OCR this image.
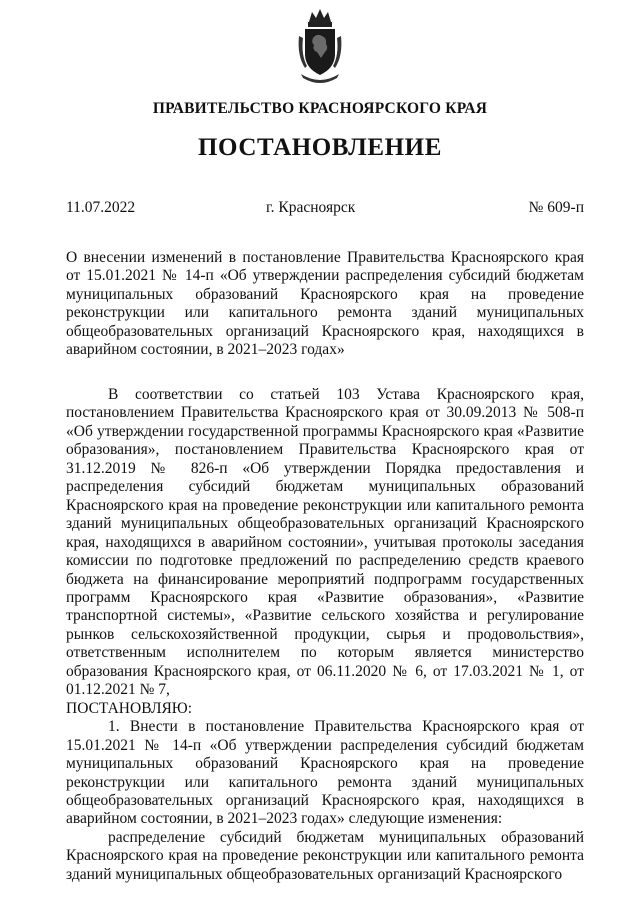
ПРАВИТЕЛЬСТВО КРАСНОЯРСКОГО КРАЯ
ПОСТАНОВЛЕНИЕ
11.07.2022	г. Красноярск	№ 609-п
О внесении изменений в постановление Правительства Красноярского края от 15.01.2021 № 14-п «Об утверждении распределения субсидий бюджетам муниципальных образований Красноярского края на проведение реконструкции или капитального ремонта зданий муниципальных общеобразовательных организаций Красноярского края, находящихся в аварийном состоянии, в 2021–2023 годах»

В соответствии со статьей 103 Устава Красноярского края, постановлением Правительства Красноярского края от 30.09.2013 № 508-п «Об утверждении государственной программы Красноярского края «Развитие образования», постановлением Правительства Красноярского края от 31.12.2019 № 826-п «Об утверждении Порядка предоставления и распределения субсидий бюджетам муниципальных образований Красноярского края на проведение реконструкции или капитального ремонта зданий муниципальных общеобразовательных организаций Красноярского края, находящихся в аварийном состоянии», учитывая протоколы заседания комиссии по подготовке предложений по распределению средств краевого бюджета на финансирование мероприятий подпрограмм государственных программ Красноярского края «Развитие образования», «Развитие транспортной системы», «Развитие сельского хозяйства и регулирование рынков сельскохозяйственной продукции, сырья и продовольствия», ответственным исполнителем по которым является министерство образования Красноярского края, от 06.11.2020 № 6, от 17.03.2021 № 1, от 01.12.2021 № 7,

ПОСТАНОВЛЯЮ:

1. Внести в постановление Правительства Красноярского края от 15.01.2021 № 14-п «Об утверждении распределения субсидий бюджетам муниципальных образований Красноярского края на проведение реконструкции или капитального ремонта зданий муниципальных общеобразовательных организаций Красноярского края, находящихся в аварийном состоянии, в 2021–2023 годах» следующие изменения:

распределение субсидий бюджетам муниципальных образований Красноярского края на проведение реконструкции или капитального ремонта зданий муниципальных общеобразовательных организаций Красноярского
